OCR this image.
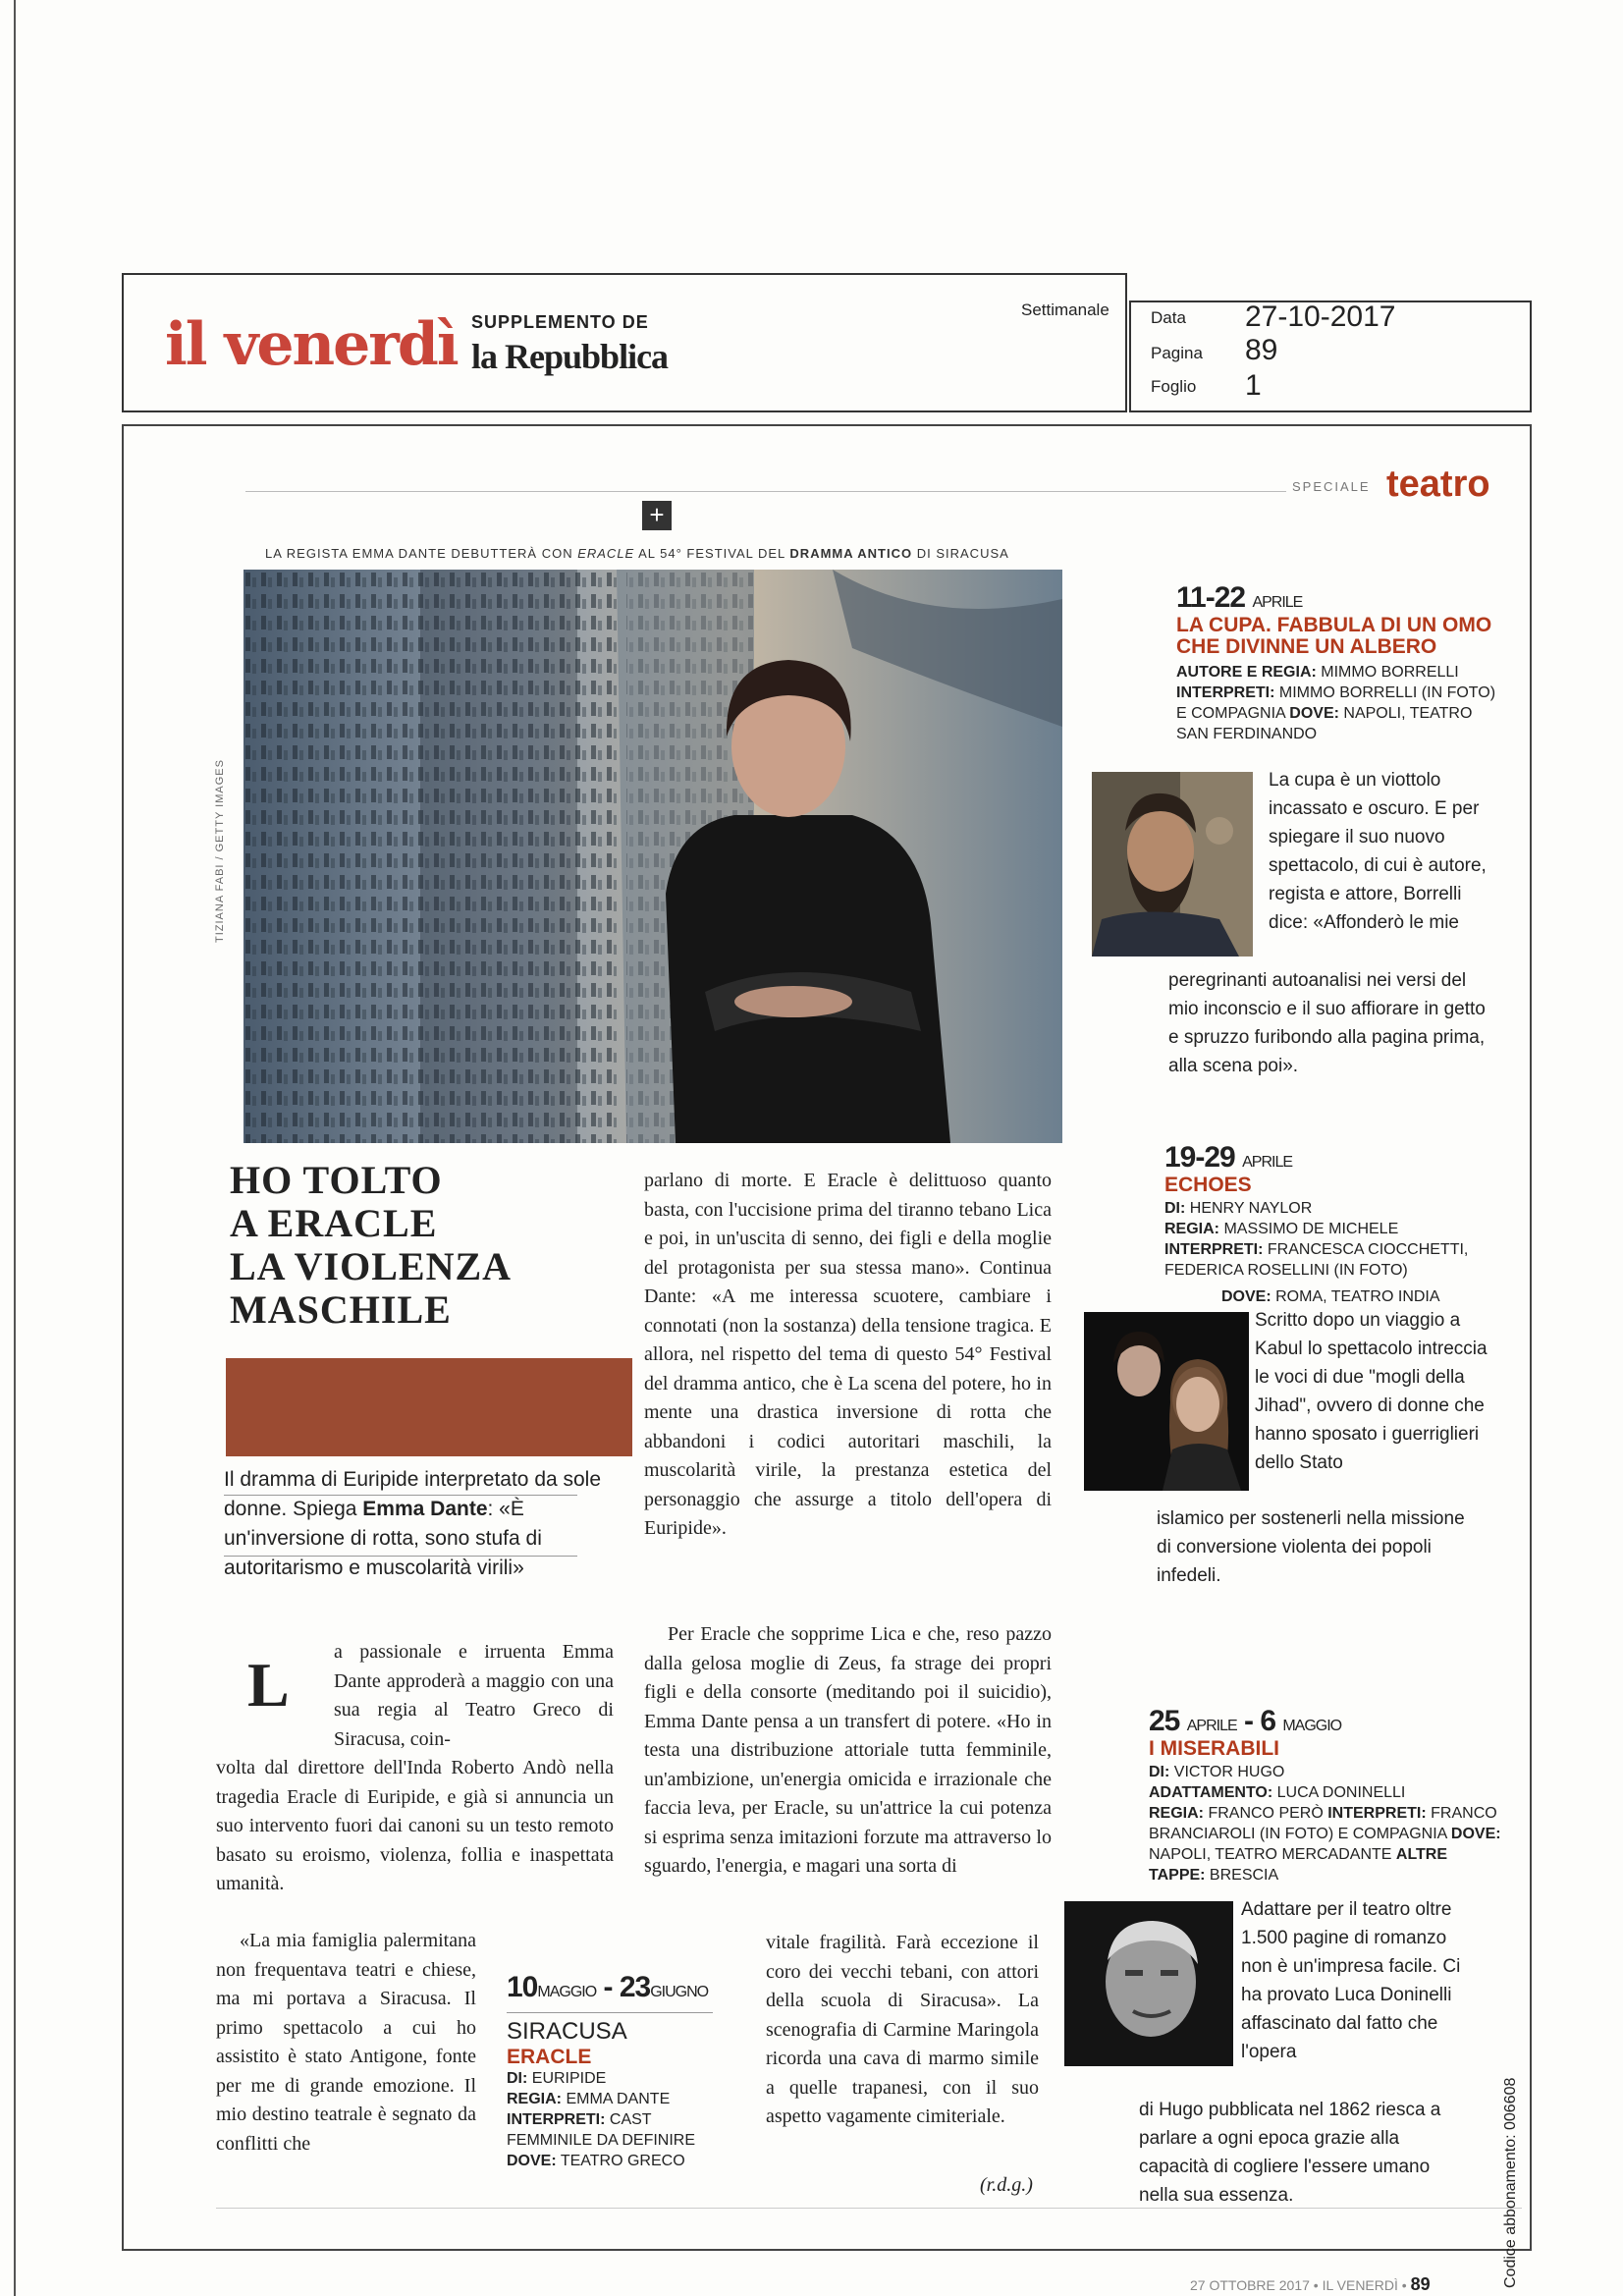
il venerdì SUPPLEMENTO DE
la Repubblica
Settimanale Data 27-10-2017
Pagina 89
Foglio 1
SPECIALE teatro
+
LA REGISTA EMMA DANTE DEBUTTERÀ CON ERACLE AL 54° FESTIVAL DEL DRAMMA ANTICO DI SIRACUSA
TIZIANA FABI / GETTY IMAGES
HO TOLTO
A ERACLE
LA VIOLENZA
MASCHILE
Il dramma di Euripide interpretato da sole donne. Spiega Emma Dante: «È un'inversione di rotta, sono stufa di autoritarismo e muscolarità virili»
L a passionale e irruenta Emma Dante approderà a maggio con una sua regia al Teatro Greco di Siracusa, coin-
volta dal direttore dell'Inda Roberto Andò nella tragedia Eracle di Euripide, e già si annuncia un suo intervento fuori dai canoni su un testo remoto basato su eroismo, violenza, follia e inaspettata umanità.
«La mia famiglia palermitana non frequentava teatri e chiese, ma mi portava a Siracusa. Il primo spettacolo a cui ho assistito è stato Antigone, fonte per me di grande emozione. Il mio destino teatrale è segnato da conflitti che
10MAGGIO - 23GIUGNO
SIRACUSA
ERACLE
DI: EURIPIDE
REGIA: EMMA DANTE
INTERPRETI: CAST FEMMINILE DA DEFINIRE
DOVE: TEATRO GRECO
parlano di morte. E Eracle è delittuoso quanto basta, con l'uccisione prima del tiranno tebano Lica e poi, in un'uscita di senno, dei figli e della moglie del protagonista per sua stessa mano». Continua Dante: «A me interessa scuotere, cambiare i connotati (non la sostanza) della tensione tragica. E allora, nel rispetto del tema di questo 54° Festival del dramma antico, che è La scena del potere, ho in mente una drastica inversione di rotta che abbandoni i codici autoritari maschili, la muscolarità virile, la prestanza estetica del personaggio che assurge a titolo dell'opera di Euripide».
Per Eracle che sopprime Lica e che, reso pazzo dalla gelosa moglie di Zeus, fa strage dei propri figli e della consorte (meditando poi il suicidio), Emma Dante pensa a un transfert di potere. «Ho in testa una distribuzione attoriale tutta femminile, un'ambizione, un'energia omicida e irrazionale che faccia leva, per Eracle, su un'attrice la cui potenza si esprima senza imitazioni forzute ma attraverso lo sguardo, l'energia, e magari una sorta di
vitale fragilità. Farà eccezione il coro dei vecchi tebani, con attori della scuola di Siracusa». La scenografia di Carmine Maringola ricorda una cava di marmo simile a quelle trapanesi, con il suo aspetto vagamente cimiteriale.
(r.d.g.)
11-22 APRILE
LA CUPA. FABBULA DI UN OMO CHE DIVINNE UN ALBERO
AUTORE E REGIA: MIMMO BORRELLI
INTERPRETI: MIMMO BORRELLI (IN FOTO) E COMPAGNIA DOVE: NAPOLI, TEATRO SAN FERDINANDO
La cupa è un viottolo incassato e oscuro. E per spiegare il suo nuovo spettacolo, di cui è autore, regista e attore, Borrelli dice: «Affonderò le mie
peregrinanti autoanalisi nei versi del mio inconscio e il suo affiorare in getto e spruzzo furibondo alla pagina prima, alla scena poi».
19-29 APRILE
ECHOES
DI: HENRY NAYLOR
REGIA: MASSIMO DE MICHELE
INTERPRETI: FRANCESCA CIOCCHETTI, FEDERICA ROSELLINI (IN FOTO)
DOVE: ROMA, TEATRO INDIA
Scritto dopo un viaggio a Kabul lo spettacolo intreccia le voci di due "mogli della Jihad", ovvero di donne che hanno sposato i guerriglieri dello Stato
islamico per sostenerli nella missione di conversione violenta dei popoli infedeli.
25 APRILE - 6 MAGGIO
I MISERABILI
DI: VICTOR HUGO
ADATTAMENTO: LUCA DONINELLI
REGIA: FRANCO PERÒ INTERPRETI: FRANCO BRANCIAROLI (IN FOTO) E COMPAGNIA DOVE: NAPOLI, TEATRO MERCADANTE ALTRE TAPPE: BRESCIA
Adattare per il teatro oltre 1.500 pagine di romanzo non è un'impresa facile. Ci ha provato Luca Doninelli affascinato dal fatto che l'opera
di Hugo pubblicata nel 1862 riesca a parlare a ogni epoca grazie alla capacità di cogliere l'essere umano nella sua essenza.
27 OTTOBRE 2017 • IL VENERDÌ • 89	Codice abbonamento: 006608
